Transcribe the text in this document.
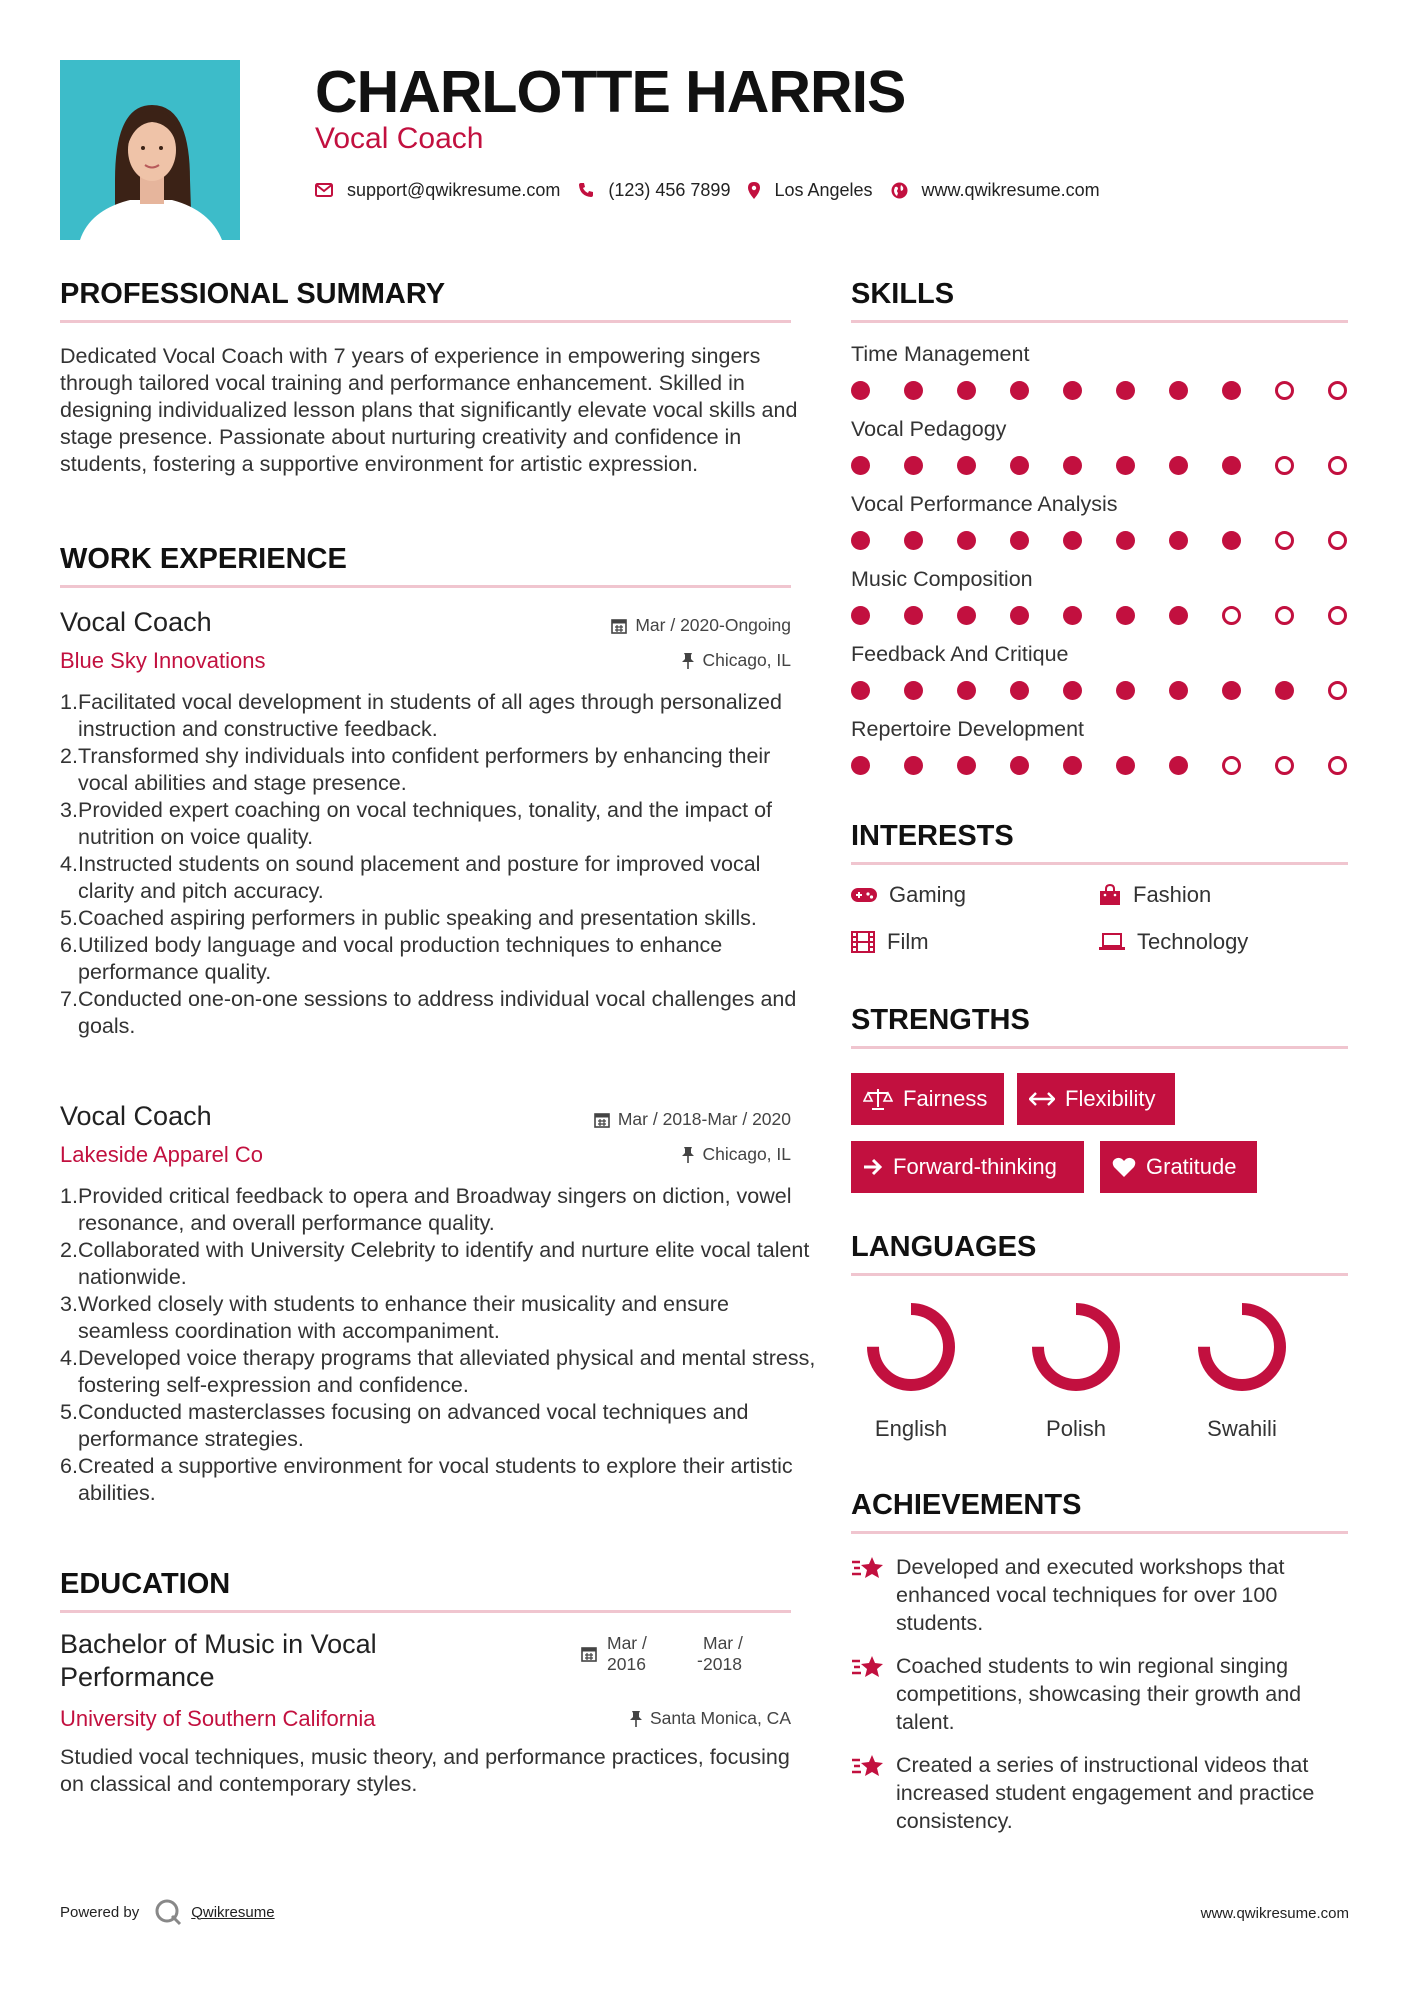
CHARLOTTE HARRIS
Vocal Coach
support@qwikresume.com	(123) 456 7899 Los Angeles	www.qwikresume.com
PROFESSIONAL SUMMARY
Dedicated Vocal Coach with 7 years of experience in empowering singers through tailored vocal training and performance enhancement. Skilled in designing individualized lesson plans that significantly elevate vocal skills and stage presence. Passionate about nurturing creativity and confidence in students, fostering a supportive environment for artistic expression.
WORK EXPERIENCE
Vocal Coach
Blue Sky Innovations
Mar / 2020-Ongoing
Chicago, IL
1. Facilitated vocal development in students of all ages through personalized instruction and constructive feedback.
2. Transformed shy individuals into confident performers by enhancing their vocal abilities and stage presence.
3. Provided expert coaching on vocal techniques, tonality, and the impact of nutrition on voice quality.
4. Instructed students on sound placement and posture for improved vocal clarity and pitch accuracy.
5. Coached aspiring performers in public speaking and presentation skills.
6. Utilized body language and vocal production techniques to enhance performance quality.
7. Conducted one-on-one sessions to address individual vocal challenges and goals.
Vocal Coach
Lakeside Apparel Co
Mar / 2018-Mar / 2020
Chicago, IL
1. Provided critical feedback to opera and Broadway singers on diction, vowel resonance, and overall performance quality.
2. Collaborated with University Celebrity to identify and nurture elite vocal talent nationwide.
3. Worked closely with students to enhance their musicality and ensure seamless coordination with accompaniment.
4. Developed voice therapy programs that alleviated physical and mental stress, fostering self-expression and confidence.
5. Conducted masterclasses focusing on advanced vocal techniques and performance strategies.
6. Created a supportive environment for vocal students to explore their artistic abilities.
EDUCATION
Bachelor of Music in Vocal Performance
Mar /
2016	-
Mar /
2018
University of Southern California	Santa Monica, CA
Studied vocal techniques, music theory, and performance practices, focusing on classical and contemporary styles.
SKILLS
Time Management
Vocal Pedagogy
Vocal Performance Analysis
Music Composition
Feedback And Critique
Repertoire Development
INTERESTS
Gaming	Fashion
Film	Technology
STRENGTHS
Fairness	Flexibility
Forward-thinking	Gratitude
LANGUAGES
English	Polish	Swahili
ACHIEVEMENTS
Developed and executed workshops that enhanced vocal techniques for over 100 students.
Coached students to win regional singing competitions, showcasing their growth and talent.
Created a series of instructional videos that increased student engagement and practice consistency.
Powered by	Qwikresume	www.qwikresume.com
